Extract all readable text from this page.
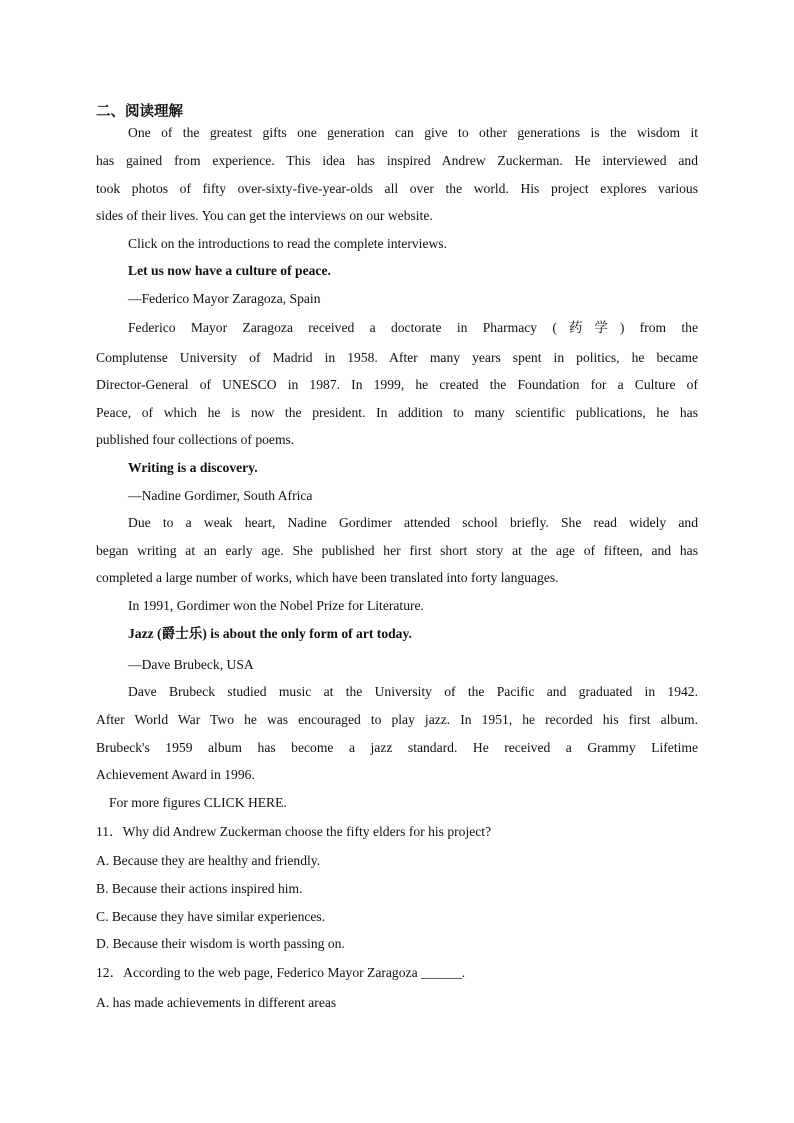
二、阅读理解
One of the greatest gifts one generation can give to other generations is the wisdom it
has gained from experience. This idea has inspired Andrew Zuckerman. He interviewed and
took photos of fifty over-sixty-five-year-olds all over the world. His project explores various
sides of their lives. You can get the interviews on our website.
Click on the introductions to read the complete interviews.
Let us now have a culture of peace.
—Federico Mayor Zaragoza, Spain
Federico Mayor Zaragoza received a doctorate in Pharmacy (药学) from the
Complutense University of Madrid in 1958. After many years spent in politics, he became
Director-General of UNESCO in 1987. In 1999, he created the Foundation for a Culture of
Peace, of which he is now the president. In addition to many scientific publications, he has
published four collections of poems.
Writing is a discovery.
—Nadine Gordimer, South Africa
Due to a weak heart, Nadine Gordimer attended school briefly. She read widely and
began writing at an early age. She published her first short story at the age of fifteen, and has
completed a large number of works, which have been translated into forty languages.
In 1991, Gordimer won the Nobel Prize for Literature.
Jazz (爵士乐) is about the only form of art today.
—Dave Brubeck, USA
Dave Brubeck studied music at the University of the Pacific and graduated in 1942.
After World War Two he was encouraged to play jazz. In 1951, he recorded his first album.
Brubeck's 1959 album has become a jazz standard. He received a Grammy Lifetime
Achievement Award in 1996.
For more figures CLICK HERE.
11．Why did Andrew Zuckerman choose the fifty elders for his project?
A. Because they are healthy and friendly.
B. Because their actions inspired him.
C. Because they have similar experiences.
D. Because their wisdom is worth passing on.
12．According to the web page, Federico Mayor Zaragoza ______.
A. has made achievements in different areas
